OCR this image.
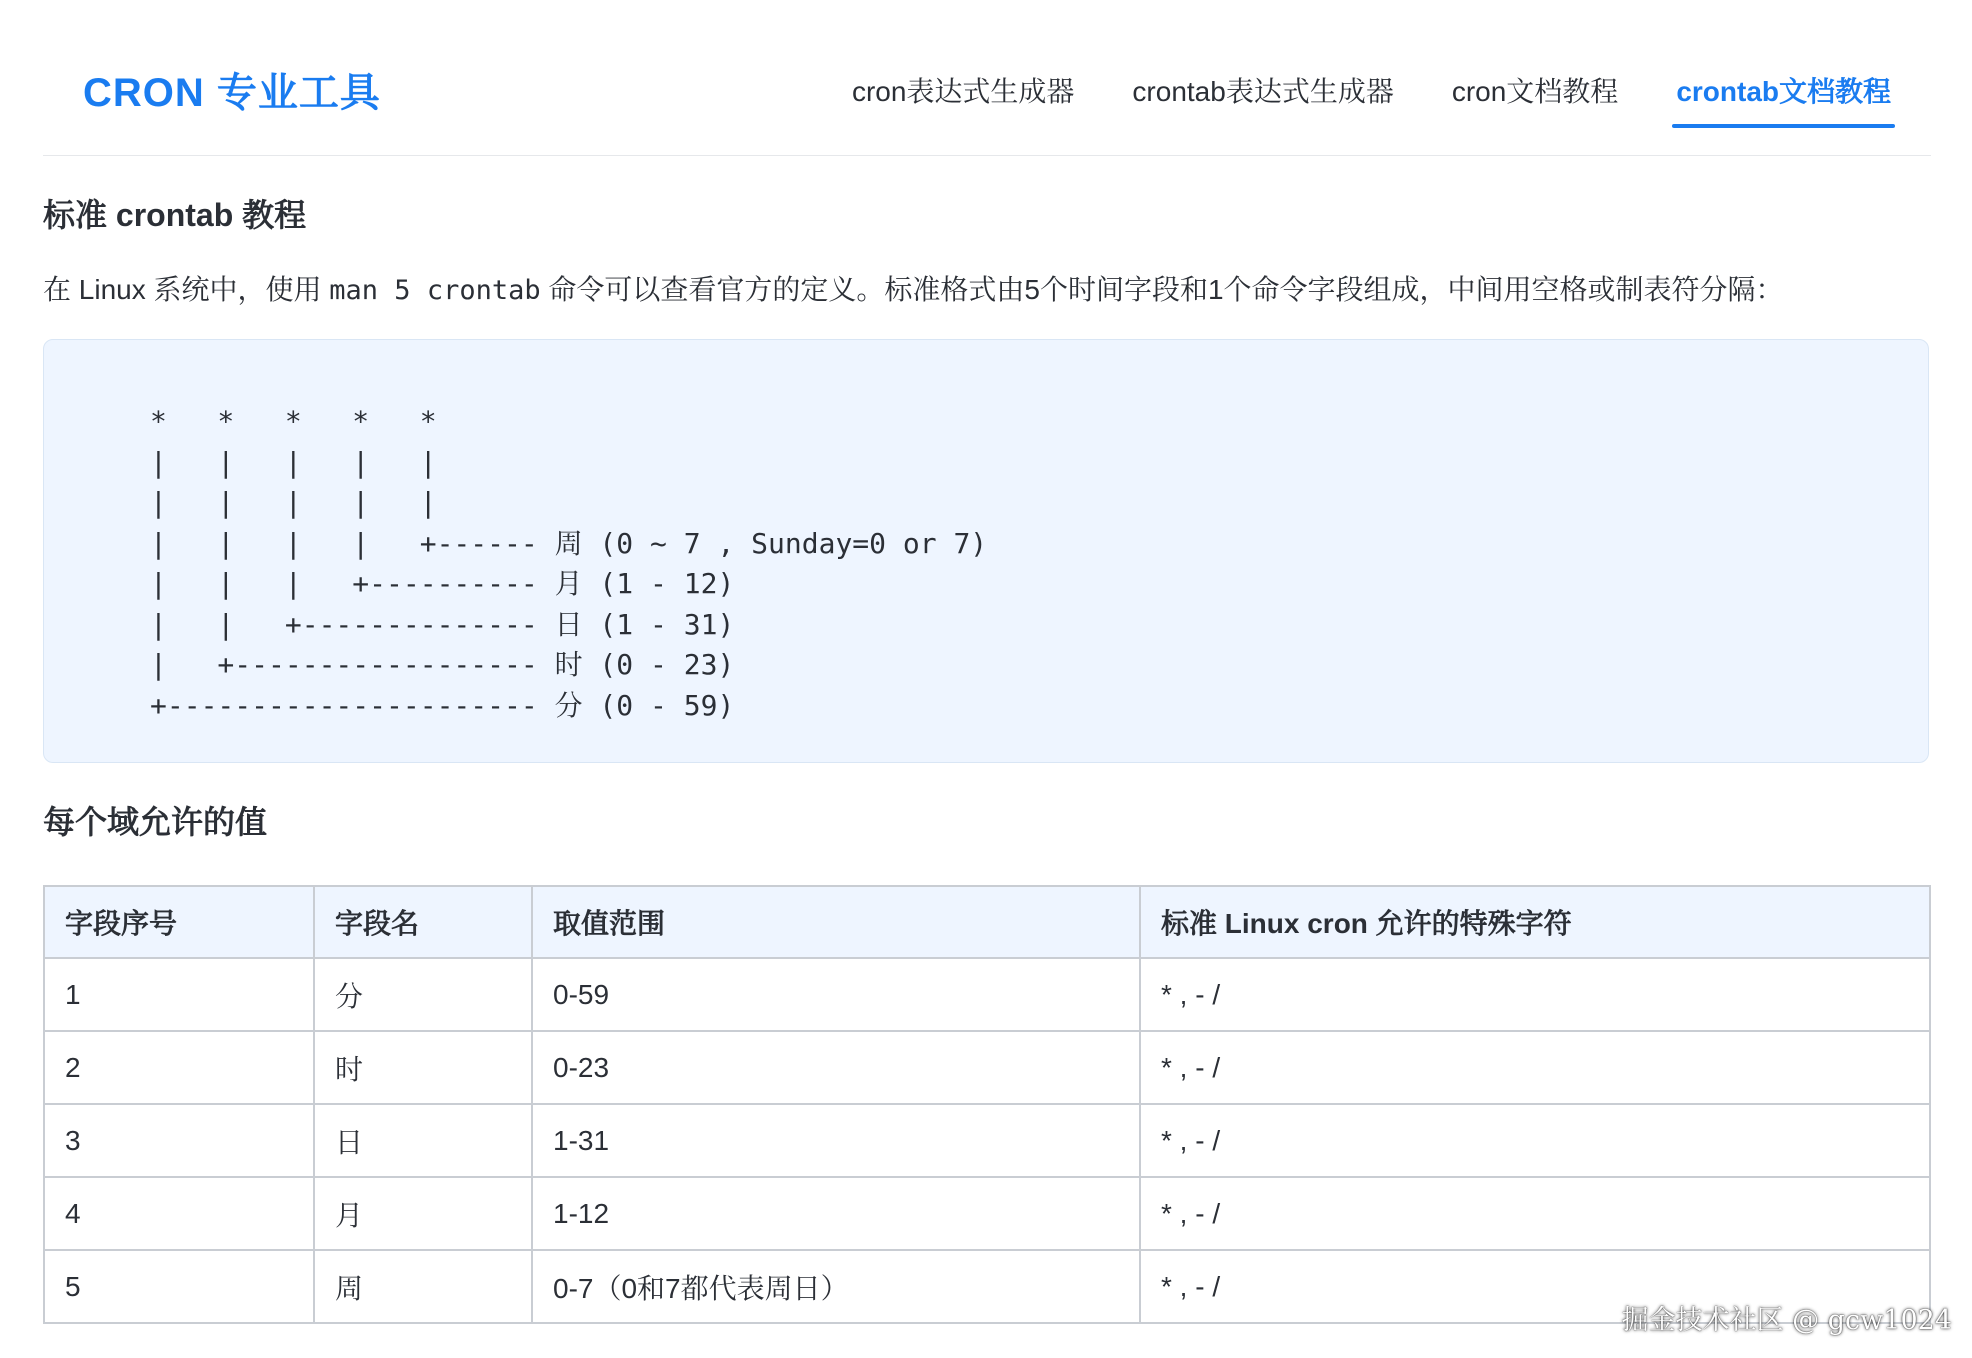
CRON 专业工具	cron表达式生成器 crontab表达式生成器 cron文档教程 crontab文档教程
标准 crontab 教程
在 Linux 系统中，使用 man 5 crontab 命令可以查看官方的定义。标准格式由5个时间字段和1个命令字段组成，中间用空格或制表符分隔：
*   *   *   *   *
|   |   |   |   |
|   |   |   |   |
|   |   |   |   +------ 周 (0 ~ 7 , Sunday=0 or 7)
|   |   |   +---------- 月 (1 - 12)
|   |   +-------------- 日 (1 - 31)
|   +------------------ 时 (0 - 23)
+---------------------- 分 (0 - 59)
每个域允许的值
字段序号	字段名	取值范围	标准 Linux cron 允许的特殊字符
1	分	0-59	* , - /
2	时	0-23	* , - /
3	日	1-31	* , - /
4	月	1-12	* , - /
5	周	0-7（0和7都代表周日）	* , - /
掘金技术社区 @ gcw1024
